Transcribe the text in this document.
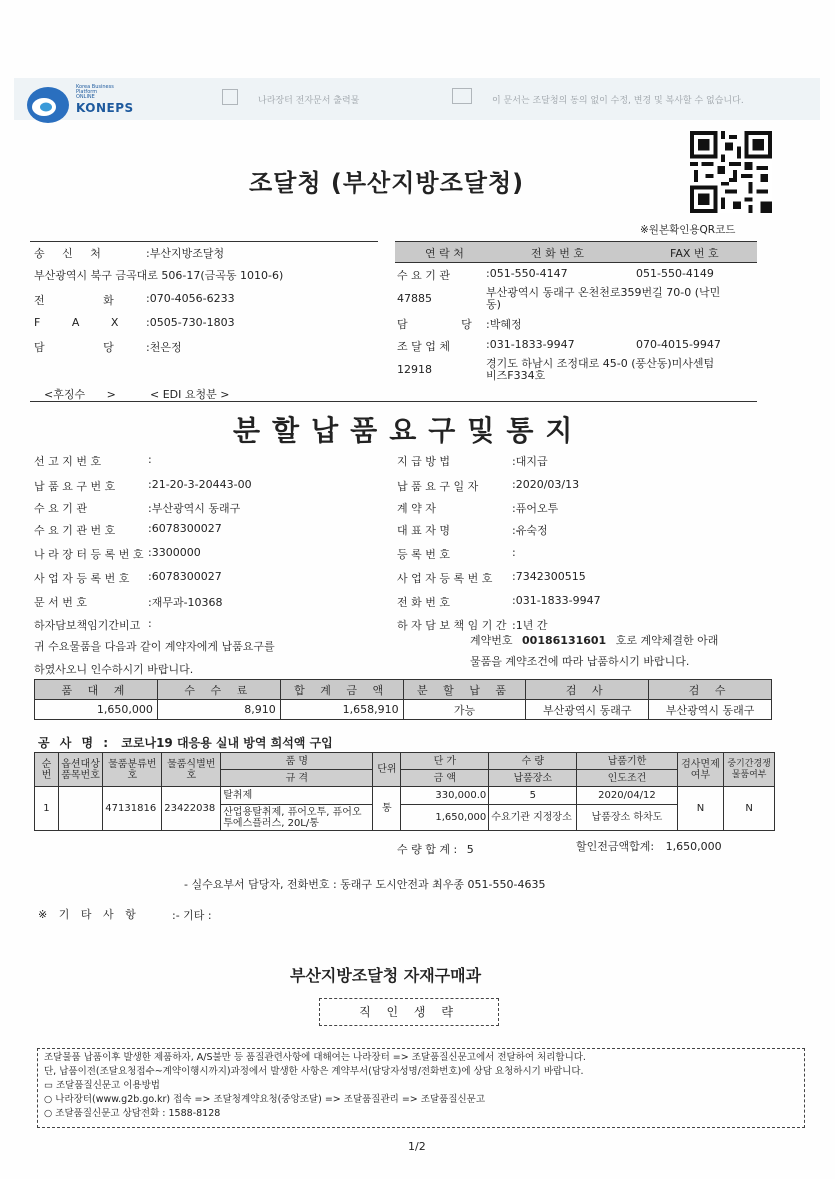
Korea Business Platform ONLINE
KONEPS	나라장터 전자문서 출력물	이 문서는 조달청의 동의 없이 수정, 변경 및 복사할 수 없습니다.
※원본확인용QR코드
조달청 (부산지방조달청)
송 신 처	:부산지방조달청
부산광역시 북구 금곡대로 506-17(금곡동 1010-6)
전 화	:070-4056-6233
F A X	:0505-730-1803
담 당	:천은정
연 락 처	전 화 번 호	FAX 번 호
수 요 기 관	:051-550-4147	051-550-4149
47885	부산광역시 동래구 온천천로359번길 70-0 (낙민
동)
담 당	:박혜정
조 달 업 체	:031-1833-9947	070-4015-9947
12918	경기도 하남시 조정대로 45-0 (풍산동)미사센텀
비즈F334호
<후징수 >	< EDI 요청분 >
분할납품요구및통지
선 고 지 번 호	:
납 품 요 구 번 호	:21-20-3-20443-00
수 요 기 관	:부산광역시 동래구
수 요 기 관 번 호	:6078300027
나 라 장 터 등 록 번 호 :3300000
사 업 자 등 록 번 호	:6078300027
문 서 번 호	:재무과-10368
하자담보책임기간비고 :
지 급 방 법	:대지급
납 품 요 구 일 자	:2020/03/13
계 약 자	:퓨어오투
대 표 자 명	:유숙정
등 록 번 호	:
사 업 자 등 록 번 호	:7342300515
전 화 번 호	:031-1833-9947
하 자 담 보 책 임 기 간 :1년 간
귀 수요물품을 다음과 같이 계약자에게 납품요구를
하였사오니 인수하시기 바랍니다.
계약번호 00186131601 호로 계약체결한 아래
물품을 계약조건에 따라 납품하시기 바랍니다.
품 대 계	수 수 료	합 계 금 액	분 할 납 품	검 사	검 수
1,650,000	8,910	1,658,910	가능	부산광역시 동래구	부산광역시 동래구
공 사 명 : 코로나19 대응용 실내 방역 희석액 구입
순번	옵션대상품목번호	물품분류번호	물품식별번호	품 명	단위	단 가	수 량	납품기한	검사면제여부	중기간경쟁물품여부
				규 격		금 액	납품장소	인도조건		
1		47131816	23422038	탈취제	통	330,000.0	5	2020/04/12	N	N
				산업용탈취제, 퓨어오투, 퓨어오투에스플러스, 20L/통		1,650,000	수요기관 지정장소	납품장소 하차도		
수 량 합 계 : 5	할인전금액합계: 1,650,000
- 실수요부서 담당자, 전화번호 : 동래구 도시안전과 최우종 051-550-4635
※ 기 타 사 항	:- 기타 :
부산지방조달청 자재구매과
직 인 생 략
조달물품 납품이후 발생한 제품하자, A/S불만 등 품질관련사항에 대해여는 나라장터 => 조달품질신문고에서 전달하여 처리합니다.
단, 납품이전(조달요청접수~계약이행시까지)과정에서 발생한 사항은 계약부서(담당자성명/전화번호)에 상담 요청하시기 바랍니다.
▭ 조달품질신문고 이용방법
○ 나라장터(www.g2b.go.kr) 접속 => 조달청계약요청(중앙조달) => 조달품질관리 => 조달품질신문고
○ 조달품질신문고 상담전화 : 1588-8128
1/2
